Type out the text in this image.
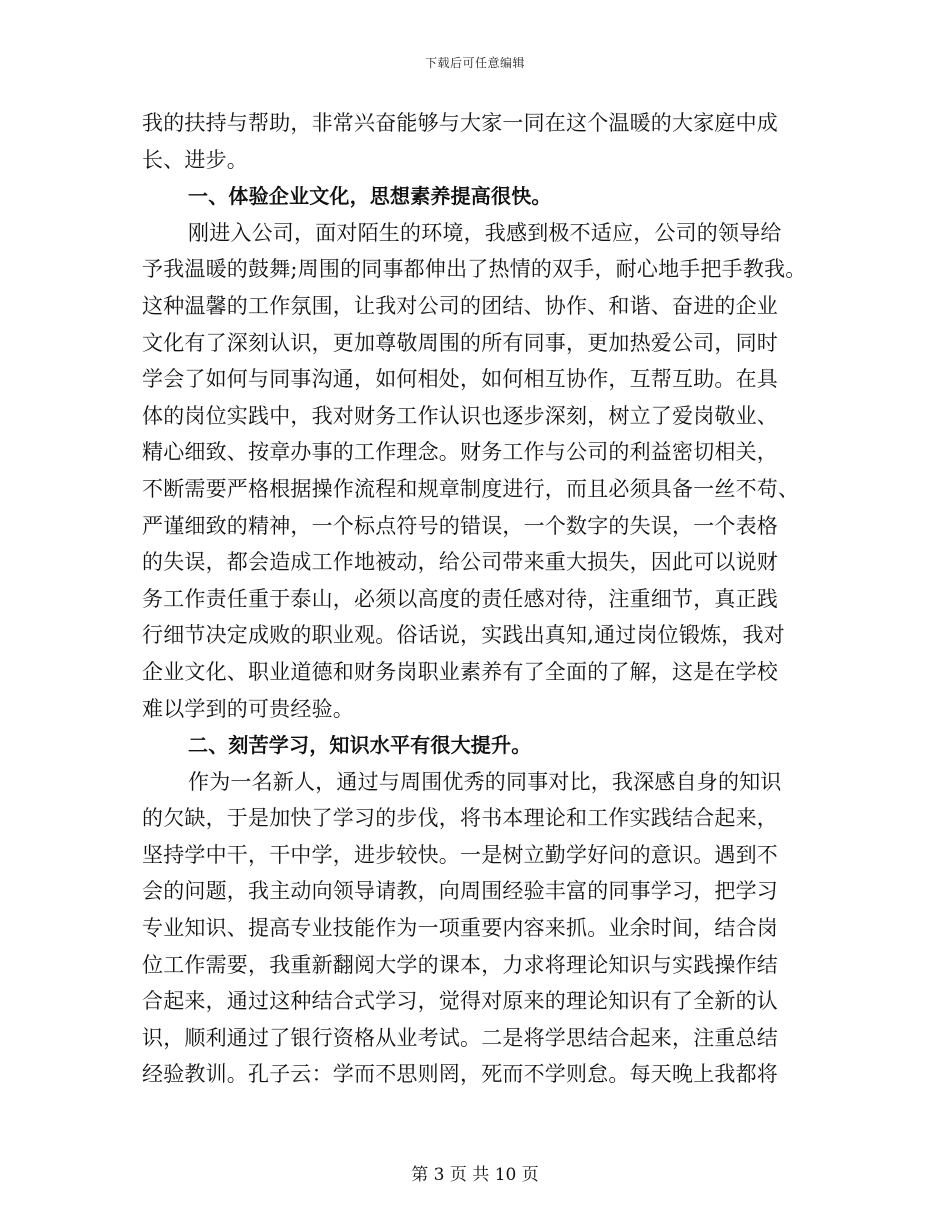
下载后可任意编辑
我的扶持与帮助，非常兴奋能够与大家一同在这个温暖的大家庭中成
长、进步。
一、体验企业文化，思想素养提高很快。
刚进入公司，面对陌生的环境，我感到极不适应，公司的领导给
予我温暖的鼓舞;周围的同事都伸出了热情的双手，耐心地手把手教我。
这种温馨的工作氛围，让我对公司的团结、协作、和谐、奋进的企业
文化有了深刻认识，更加尊敬周围的所有同事，更加热爱公司，同时
学会了如何与同事沟通，如何相处，如何相互协作，互帮互助。在具
体的岗位实践中，我对财务工作认识也逐步深刻，树立了爱岗敬业、
精心细致、按章办事的工作理念。财务工作与公司的利益密切相关，
不断需要严格根据操作流程和规章制度进行，而且必须具备一丝不苟、
严谨细致的精神，一个标点符号的错误，一个数字的失误，一个表格
的失误，都会造成工作地被动，给公司带来重大损失，因此可以说财
务工作责任重于泰山，必须以高度的责任感对待，注重细节，真正践
行细节决定成败的职业观。俗话说，实践出真知,通过岗位锻炼，我对
企业文化、职业道德和财务岗职业素养有了全面的了解，这是在学校
难以学到的可贵经验。
二、刻苦学习，知识水平有很大提升。
作为一名新人，通过与周围优秀的同事对比，我深感自身的知识
的欠缺，于是加快了学习的步伐，将书本理论和工作实践结合起来，
坚持学中干，干中学，进步较快。一是树立勤学好问的意识。遇到不
会的问题，我主动向领导请教，向周围经验丰富的同事学习，把学习
专业知识、提高专业技能作为一项重要内容来抓。业余时间，结合岗
位工作需要，我重新翻阅大学的课本，力求将理论知识与实践操作结
合起来，通过这种结合式学习，觉得对原来的理论知识有了全新的认
识，顺利通过了银行资格从业考试。二是将学思结合起来，注重总结
经验教训。孔子云：学而不思则罔，死而不学则怠。每天晚上我都将
第 3 页 共 10 页
